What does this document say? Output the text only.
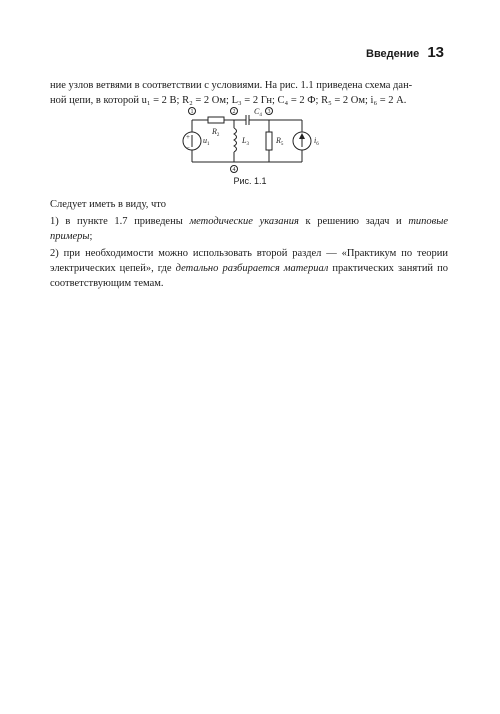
Введение 13

ние узлов ветвями в соответствии с условиями. На рис. 1.1 приведена схема дан-
ной цепи, в которой u₁ = 2 В; R₂ = 2 Ом; L₃ = 2 Гн; C₄ = 2 Ф; R₅ = 2 Ом; i₆ = 2 А.

1	2	3
4
+
−
$u_1$
$R_2$
$L_3$
$C_4$
$R_5$	$i_6$
Рис. 1.1

Следует иметь в виду, что

1) в пункте 1.7 приведены методические указания к решению задач и типовые примеры;

2) при необходимости можно использовать второй раздел — «Практикум по теории электрических цепей», где детально разбирается материал практических занятий по соответствующим темам.
